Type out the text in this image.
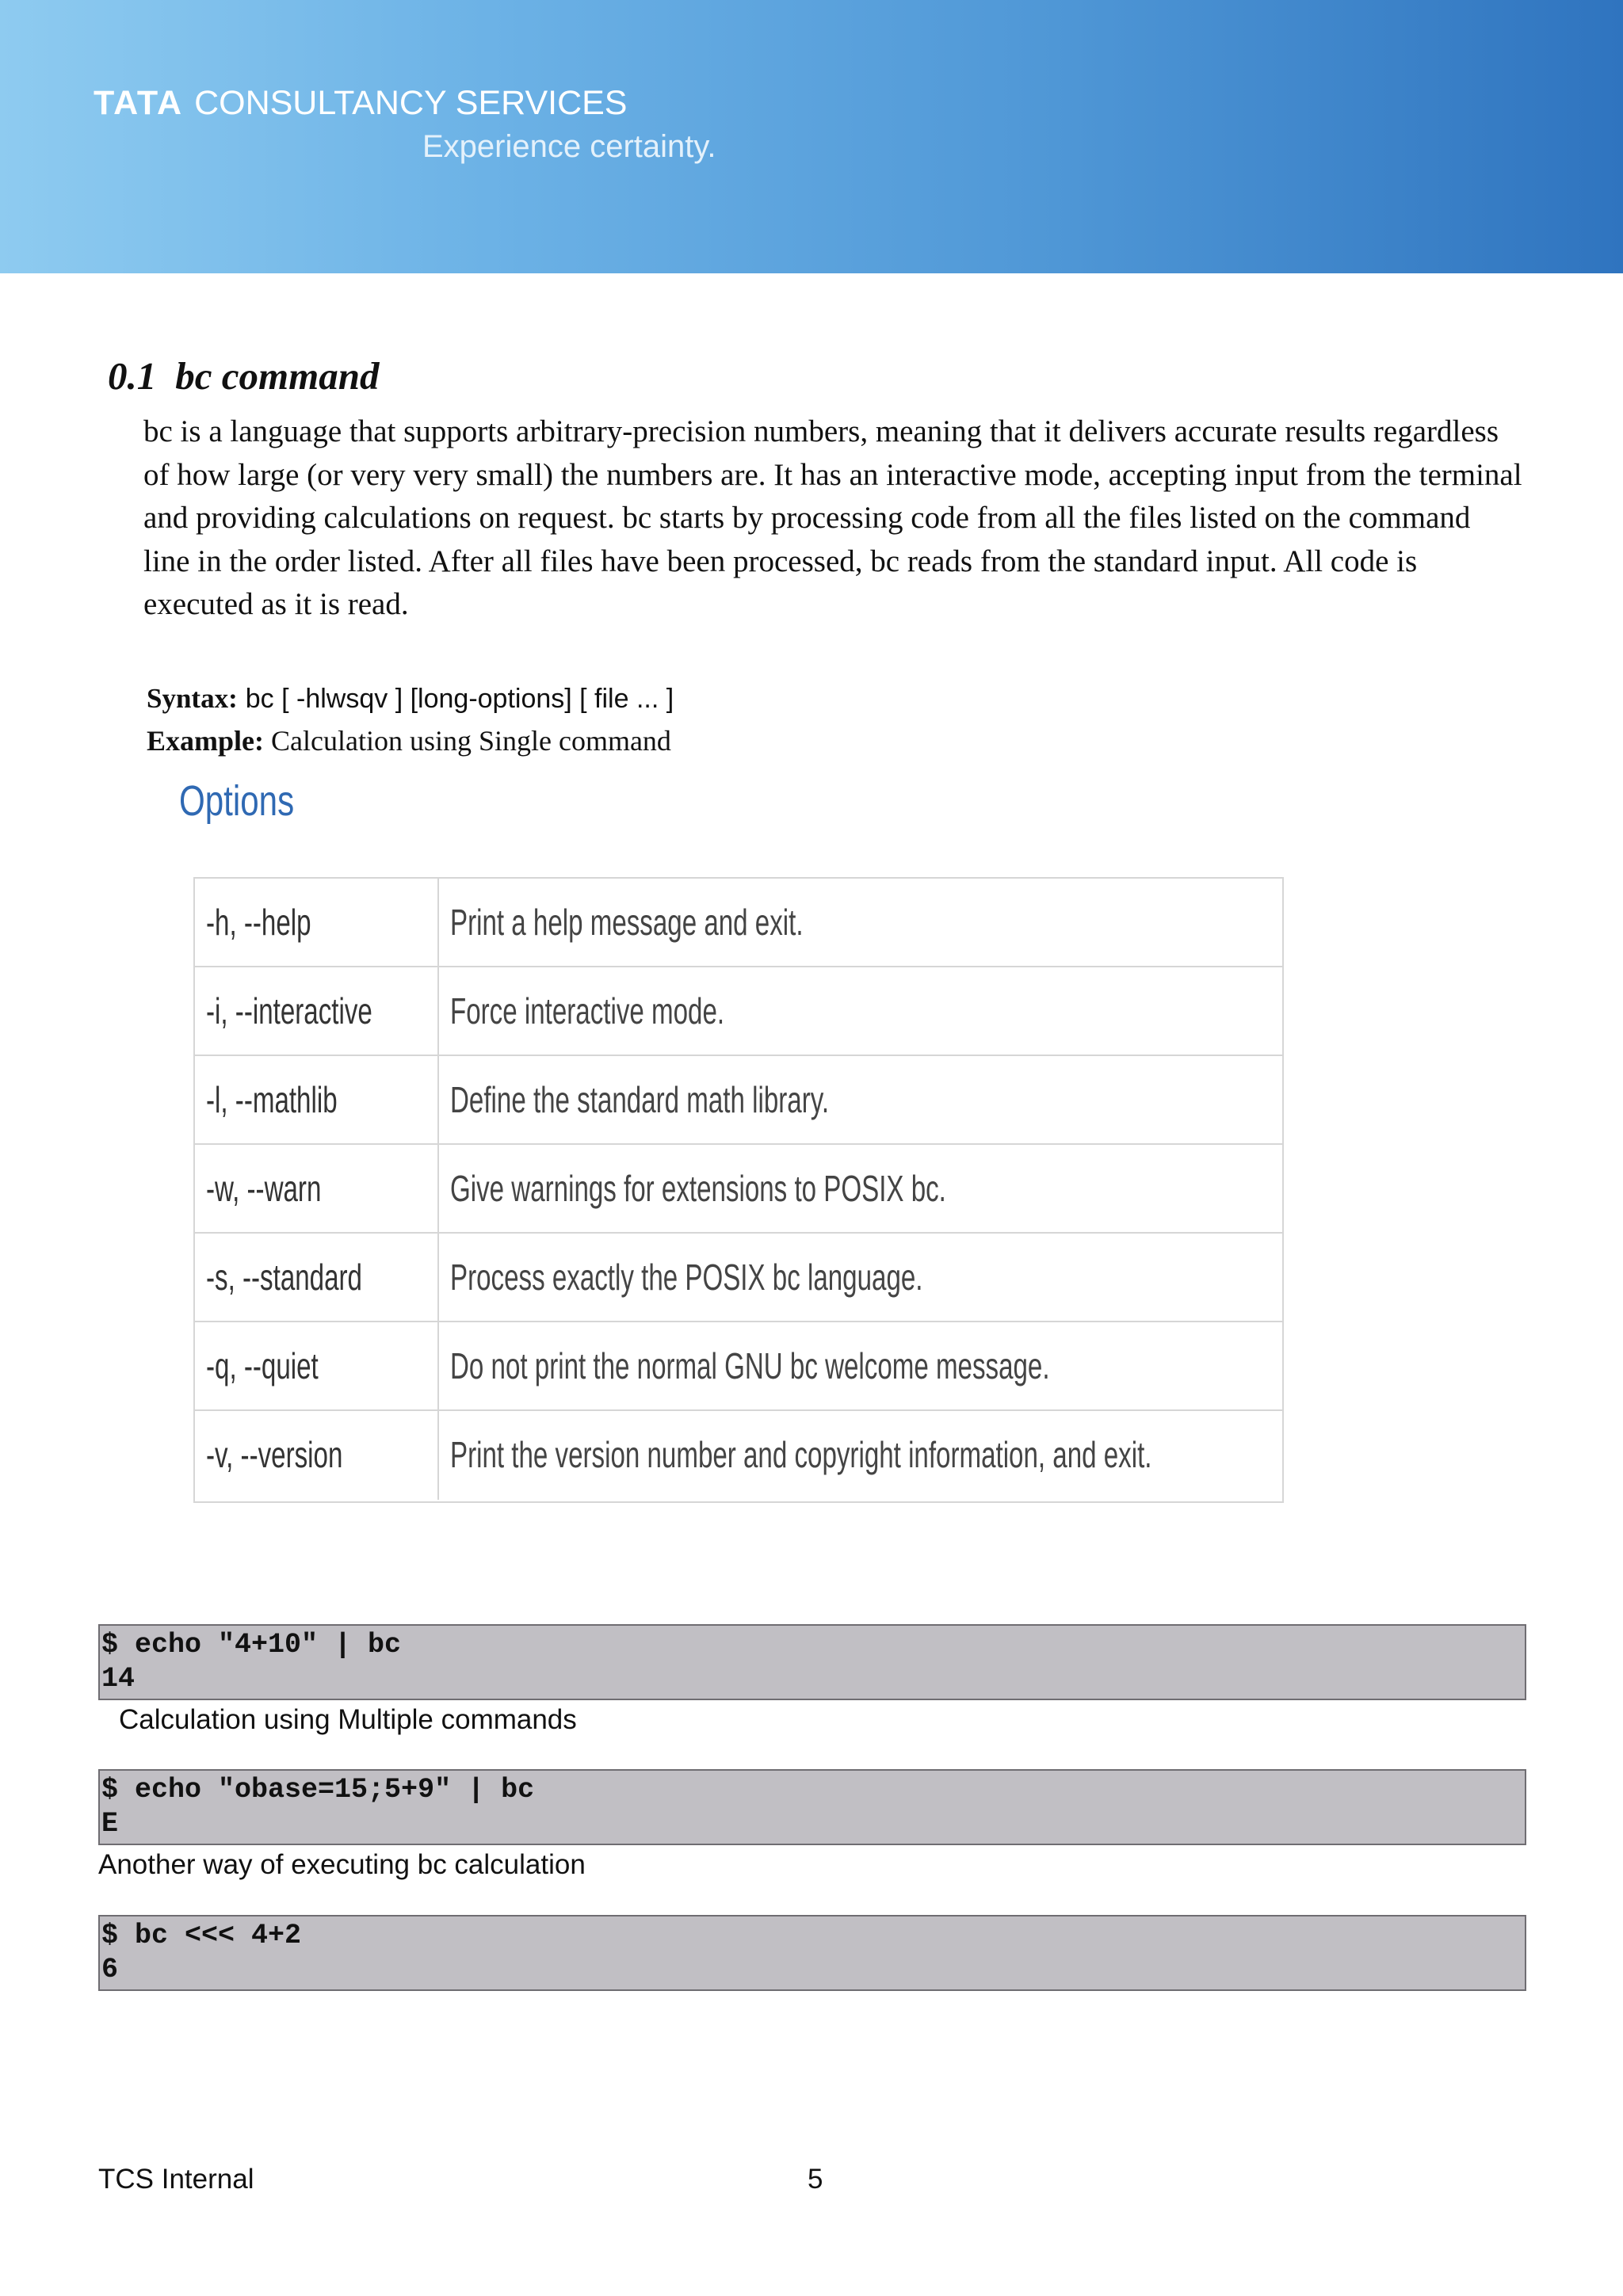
TATA CONSULTANCY SERVICES
Experience certainty.
0.1 bc command

bc is a language that supports arbitrary-precision numbers, meaning that it delivers accurate results regardless of how large (or very very small) the numbers are. It has an interactive mode, accepting input from the terminal and providing calculations on request. bc starts by processing code from all the files listed on the command line in the order listed. After all files have been processed, bc reads from the standard input. All code is executed as it is read.

Syntax: bc [ -hlwsqv ] [long-options] [ file ... ]
Example: Calculation using Single command
Options
-h, --help	Print a help message and exit.
-i, --interactive Force interactive mode.
-l, --mathlib	Define the standard math library.
-w, --warn	Give warnings for extensions to POSIX bc.
-s, --standard Process exactly the POSIX bc language.
-q, --quiet	Do not print the normal GNU bc welcome message.
-v, --version	Print the version number and copyright information, and exit.
$ echo "4+10" | bc
14
Calculation using Multiple commands
$ echo "obase=15;5+9" | bc
E
Another way of executing bc calculation
$ bc <<< 4+2
6
TCS Internal	5
